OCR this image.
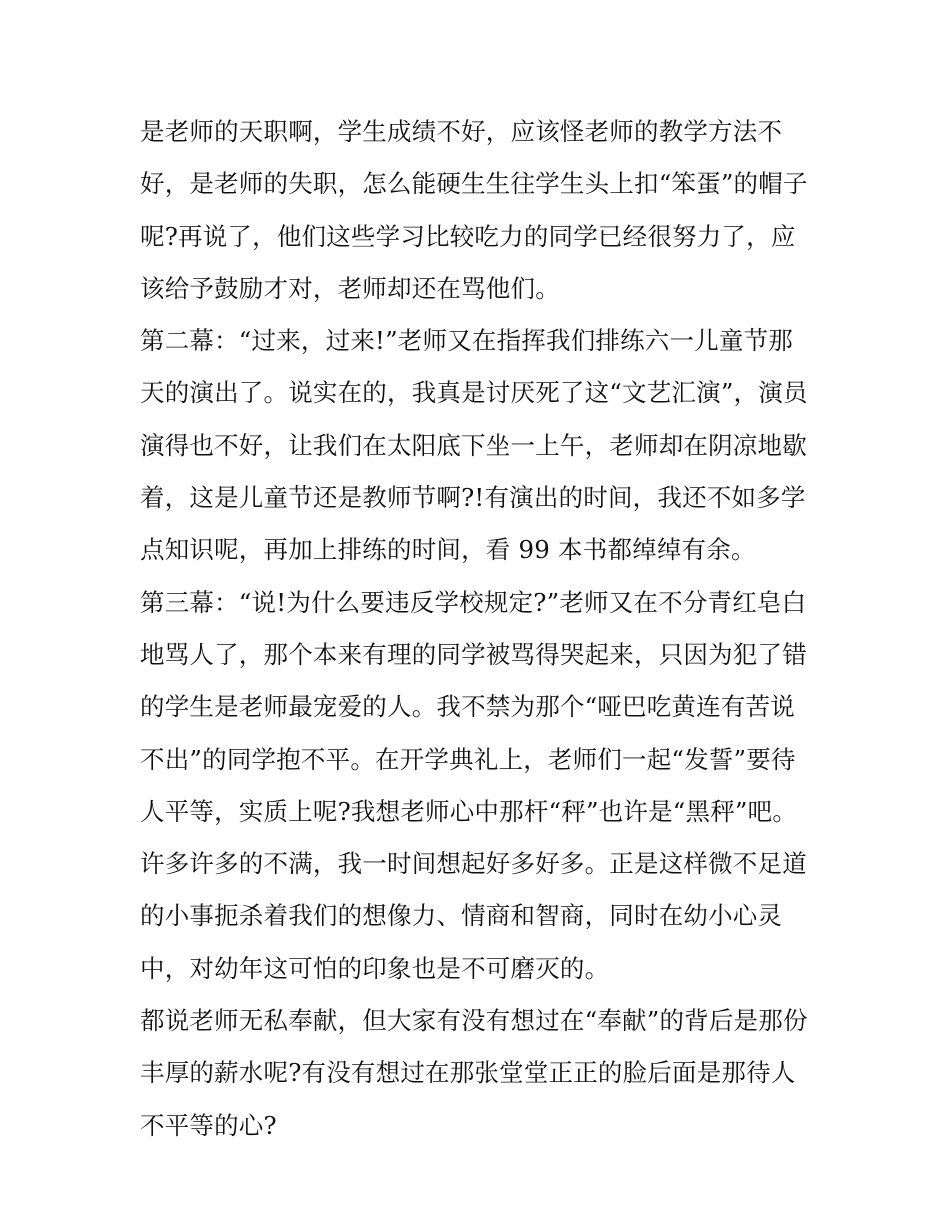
是老师的天职啊，学生成绩不好，应该怪老师的教学方法不
好，是老师的失职，怎么能硬生生往学生头上扣“笨蛋”的帽子
呢?再说了，他们这些学习比较吃力的同学已经很努力了，应
该给予鼓励才对，老师却还在骂他们。
第二幕：“过来，过来!”老师又在指挥我们排练六一儿童节那
天的演出了。说实在的，我真是讨厌死了这“文艺汇演”，演员
演得也不好，让我们在太阳底下坐一上午，老师却在阴凉地歇
着，这是儿童节还是教师节啊?!有演出的时间，我还不如多学
点知识呢，再加上排练的时间，看 99 本书都绰绰有余。
第三幕：“说!为什么要违反学校规定?”老师又在不分青红皂白
地骂人了，那个本来有理的同学被骂得哭起来，只因为犯了错
的学生是老师最宠爱的人。我不禁为那个“哑巴吃黄连有苦说
不出”的同学抱不平。在开学典礼上，老师们一起“发誓”要待
人平等，实质上呢?我想老师心中那杆“秤”也许是“黑秤”吧。
许多许多的不满，我一时间想起好多好多。正是这样微不足道
的小事扼杀着我们的想像力、情商和智商，同时在幼小心灵
中，对幼年这可怕的印象也是不可磨灭的。
都说老师无私奉献，但大家有没有想过在“奉献”的背后是那份
丰厚的薪水呢?有没有想过在那张堂堂正正的脸后面是那待人
不平等的心?
